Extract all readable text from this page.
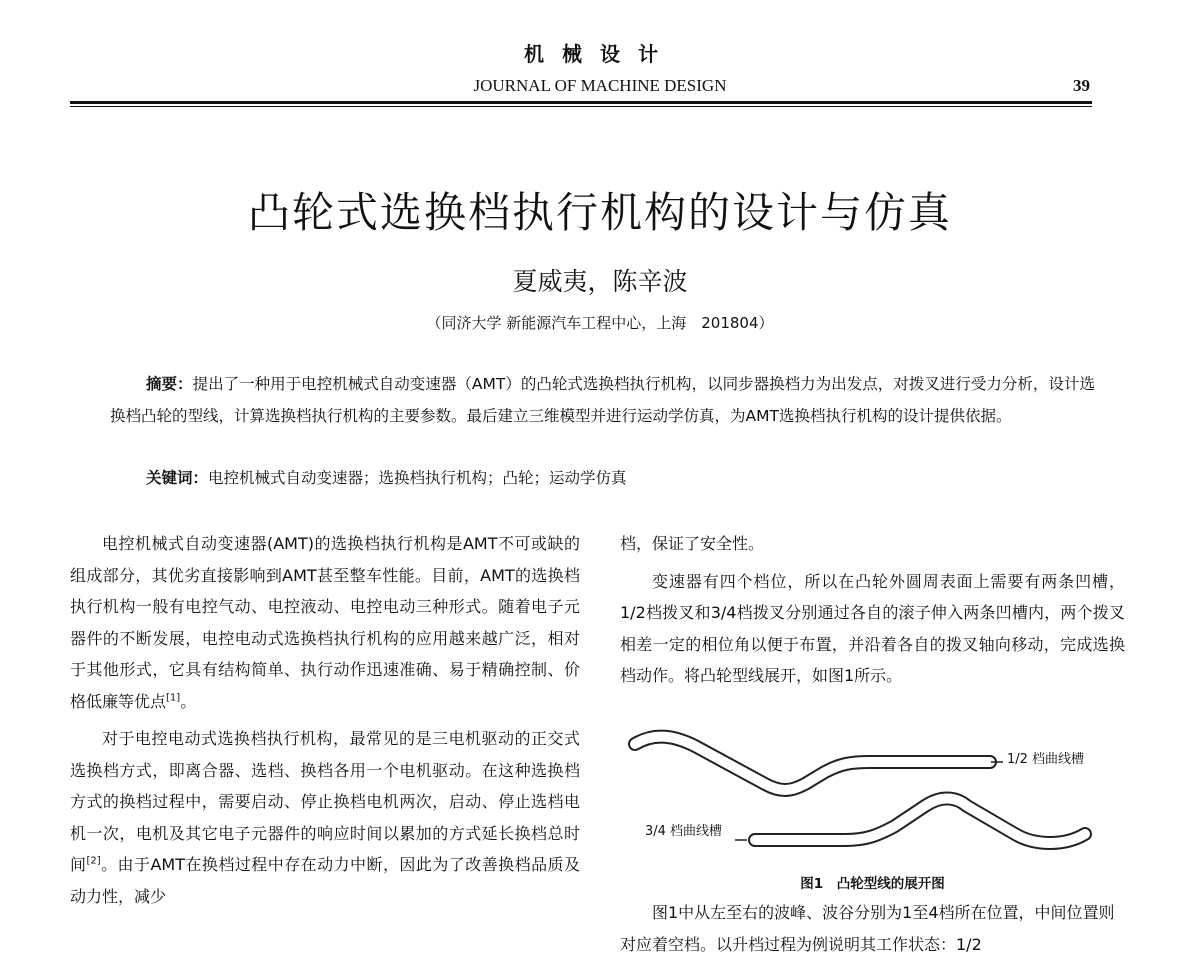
机械设计
JOURNAL OF MACHINE DESIGN	39
凸轮式选换档执行机构的设计与仿真
夏威夷，陈辛波
（同济大学 新能源汽车工程中心，上海　201804）
摘要：提出了一种用于电控机械式自动变速器（AMT）的凸轮式选换档执行机构，以同步器换档力为出发点，对拨叉进行受力分析，设计选换档凸轮的型线，计算选换档执行机构的主要参数。最后建立三维模型并进行运动学仿真，为AMT选换档执行机构的设计提供依据。
关键词：电控机械式自动变速器；选换档执行机构；凸轮；运动学仿真

电控机械式自动变速器(AMT)的选换档执行机构是AMT不可或缺的组成部分，其优劣直接影响到AMT甚至整车性能。目前，AMT的选换档执行机构一般有电控气动、电控液动、电控电动三种形式。随着电子元器件的不断发展，电控电动式选换档执行机构的应用越来越广泛，相对于其他形式，它具有结构简单、执行动作迅速准确、易于精确控制、价格低廉等优点[1]。

对于电控电动式选换档执行机构，最常见的是三电机驱动的正交式选换档方式，即离合器、选档、换档各用一个电机驱动。在这种选换档方式的换档过程中，需要启动、停止换档电机两次，启动、停止选档电机一次，电机及其它电子元器件的响应时间以累加的方式延长换档总时间[2]。由于AMT在换档过程中存在动力中断，因此为了改善换档品质及动力性，减少

档，保证了安全性。

变速器有四个档位，所以在凸轮外圆周表面上需要有两条凹槽，1/2档拨叉和3/4档拨叉分别通过各自的滚子伸入两条凹槽内，两个拨叉相差一定的相位角以便于布置，并沿着各自的拨叉轴向移动，完成选换档动作。将凸轮型线展开，如图1所示。

1/2 档曲线槽
3/4 档曲线槽
图1　凸轮型线的展开图
图1中从左至右的波峰、波谷分别为1至4档所在位置，中间位置则对应着空档。以升档过程为例说明其工作状态：1/2
